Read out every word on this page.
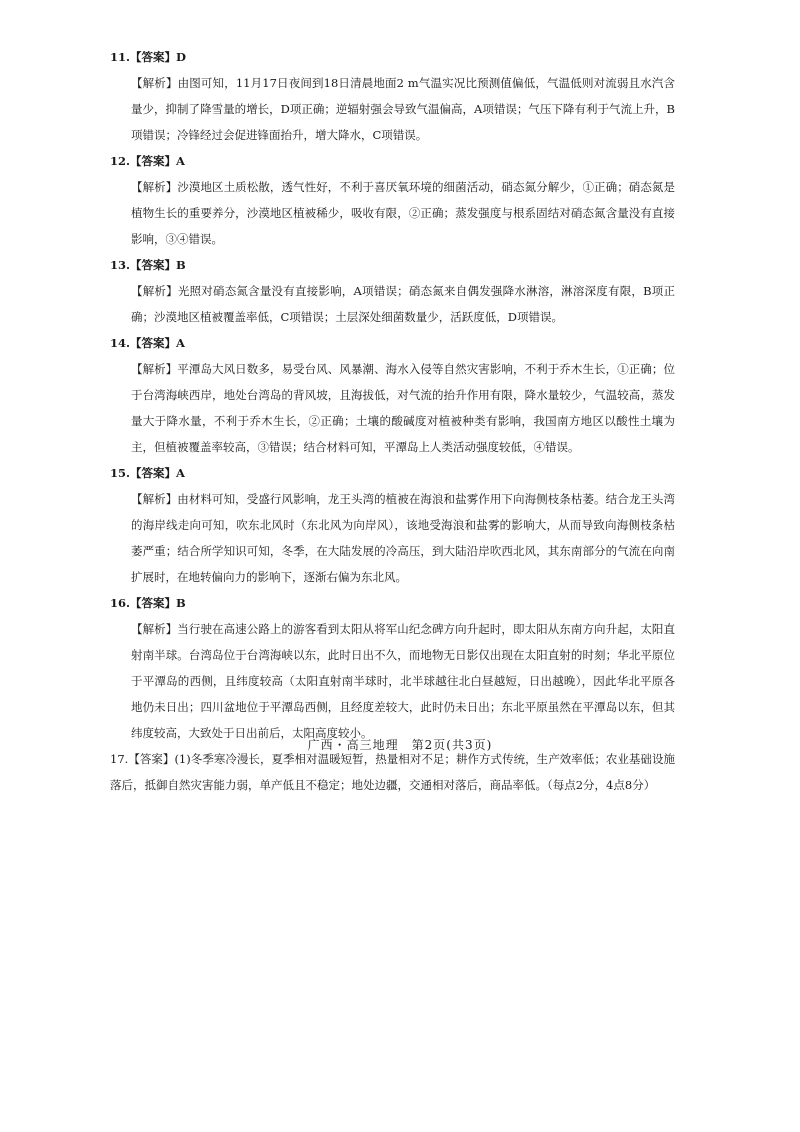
11.【答案】D
【解析】由图可知，11月17日夜间到18日清晨地面2 m气温实况比预测值偏低，气温低则对流弱且水汽含量少，抑制了降雪量的增长，D项正确；逆辐射强会导致气温偏高，A项错误；气压下降有利于气流上升，B项错误；冷锋经过会促进锋面抬升，增大降水，C项错误。
12.【答案】A
【解析】沙漠地区土质松散，透气性好，不利于喜厌氧环境的细菌活动，硝态氮分解少，①正确；硝态氮是植物生长的重要养分，沙漠地区植被稀少，吸收有限，②正确；蒸发强度与根系固结对硝态氮含量没有直接影响，③④错误。
13.【答案】B
【解析】光照对硝态氮含量没有直接影响，A项错误；硝态氮来自偶发强降水淋溶，淋溶深度有限，B项正确；沙漠地区植被覆盖率低，C项错误；土层深处细菌数量少，活跃度低，D项错误。
14.【答案】A
【解析】平潭岛大风日数多，易受台风、风暴潮、海水入侵等自然灾害影响，不利于乔木生长，①正确；位于台湾海峡西岸，地处台湾岛的背风坡，且海拔低，对气流的抬升作用有限，降水量较少，气温较高，蒸发量大于降水量，不利于乔木生长，②正确；土壤的酸碱度对植被种类有影响，我国南方地区以酸性土壤为主，但植被覆盖率较高，③错误；结合材料可知，平潭岛上人类活动强度较低，④错误。
15.【答案】A
【解析】由材料可知，受盛行风影响，龙王头湾的植被在海浪和盐雾作用下向海侧枝条枯萎。结合龙王头湾的海岸线走向可知，吹东北风时（东北风为向岸风），该地受海浪和盐雾的影响大，从而导致向海侧枝条枯萎严重；结合所学知识可知，冬季，在大陆发展的冷高压，到大陆沿岸吹西北风，其东南部分的气流在向南扩展时，在地转偏向力的影响下，逐渐右偏为东北风。
16.【答案】B
【解析】当行驶在高速公路上的游客看到太阳从将军山纪念碑方向升起时，即太阳从东南方向升起，太阳直射南半球。台湾岛位于台湾海峡以东，此时日出不久，而地物无日影仅出现在太阳直射的时刻；华北平原位于平潭岛的西侧，且纬度较高（太阳直射南半球时，北半球越往北白昼越短，日出越晚），因此华北平原各地仍未日出；四川盆地位于平潭岛西侧，且经度差较大，此时仍未日出；东北平原虽然在平潭岛以东，但其纬度较高，大致处于日出前后，太阳高度较小。
17.【答案】(1)冬季寒冷漫长，夏季相对温暖短暂，热量相对不足；耕作方式传统，生产效率低；农业基础设施落后，抵御自然灾害能力弱，单产低且不稳定；地处边疆，交通相对落后，商品率低。（每点2分，4点8分）
广西・高三地理　第2页(共3页)
